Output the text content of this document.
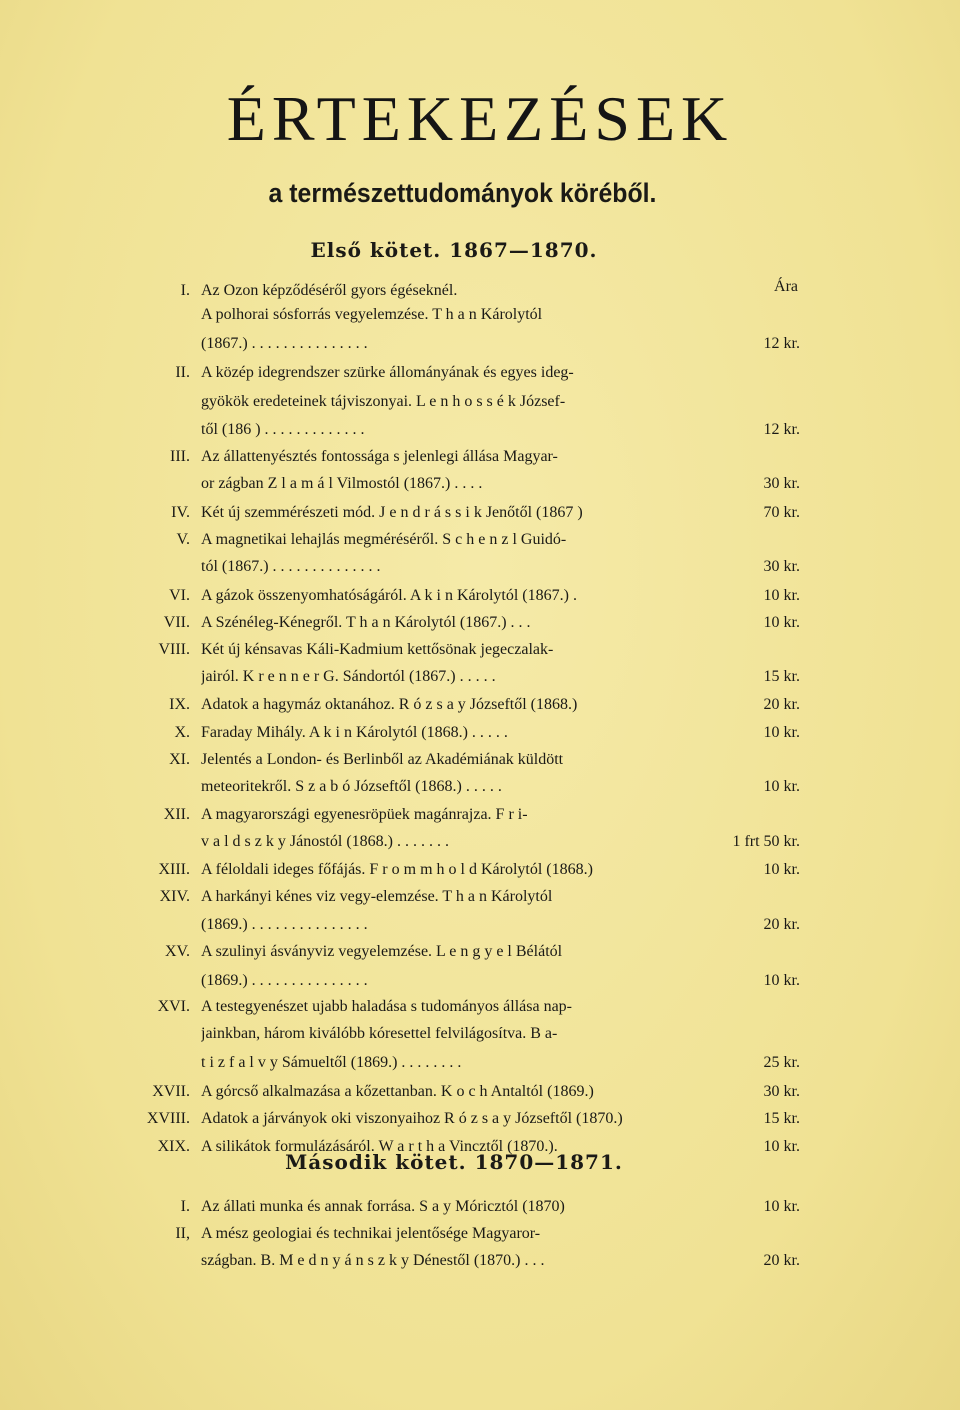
ÉRTEKEZÉSEK
a természettudományok köréből.
Első kötet. 1867—1870.
Ára
Második kötet. 1870—1871.
I. Az Ozon képződéséről gyors égéseknél.
A polhorai sósforrás vegyelemzése. T h a n Károlytól
(1867.) . . . . . . . . . . . . . . .	12 kr.
II. A közép idegrendszer szürke állományának és egyes ideg-
gyökök eredeteinek tájviszonyai. L e n h o s s é k József-
től (186 ) . . . . . . . . . . . . .	12 kr.
III. Az állattenyésztés fontossága s jelenlegi állása Magyar-
or zágban Z l a m á l Vilmostól (1867.) . . . .	30 kr.
IV. Két új szemmérészeti mód. J e n d r á s s i k Jenőtől (1867 )	70 kr.
V. A magnetikai lehajlás megméréséről. S c h e n z l Guidó-
tól (1867.) . . . . . . . . . . . . . .	30 kr.
VI. A gázok összenyomhatóságáról. A k i n Károlytól (1867.) .	10 kr.
VII. A Szénéleg-Kénegről. T h a n Károlytól (1867.) . . .	10 kr.
VIII. Két új kénsavas Káli-Kadmium kettősönak jegeczalak-
jairól. K r e n n e r G. Sándortól (1867.) . . . . .	15 kr.
IX. Adatok a hagymáz oktanához. R ó z s a y Józseftől (1868.)	20 kr.
X. Faraday Mihály. A k i n Károlytól (1868.) . . . . .	10 kr.
XI. Jelentés a London- és Berlinből az Akadémiának küldött
meteoritekről. S z a b ó Józseftől (1868.) . . . . .	10 kr.
XII. A magyarországi egyenesröpüek magánrajza. F r i-
v a l d s z k y Jánostól (1868.) . . . . . . .	1 frt 50 kr.
XIII. A féloldali ideges főfájás. F r o m m h o l d Károlytól (1868.)	10 kr.
XIV. A harkányi kénes viz vegy-elemzése. T h a n Károlytól
(1869.) . . . . . . . . . . . . . . .	20 kr.
XV. A szulinyi ásványviz vegyelemzése. L e n g y e l Bélától
(1869.) . . . . . . . . . . . . . . .	10 kr.
XVI. A testegyenészet ujabb haladása s tudományos állása nap-
jainkban, három kiválóbb kóresettel felvilágosítva. B a-
t i z f a l v y Sámueltől (1869.) . . . . . . . .	25 kr.
XVII. A górcső alkalmazása a kőzettanban. K o c h Antaltól (1869.)	30 kr.
XVIII. Adatok a járványok oki viszonyaihoz R ó z s a y Józseftől (1870.)	15 kr.
XIX. A silikátok formulázásáról. W a r t h a Vincztől (1870.).	10 kr.
I. Az állati munka és annak forrása. S a y Móricztól (1870)	10 kr.
II, A mész geologiai és technikai jelentősége Magyaror-
szágban. B. M e d n y á n s z k y Dénestől (1870.) . . .	20 kr.
